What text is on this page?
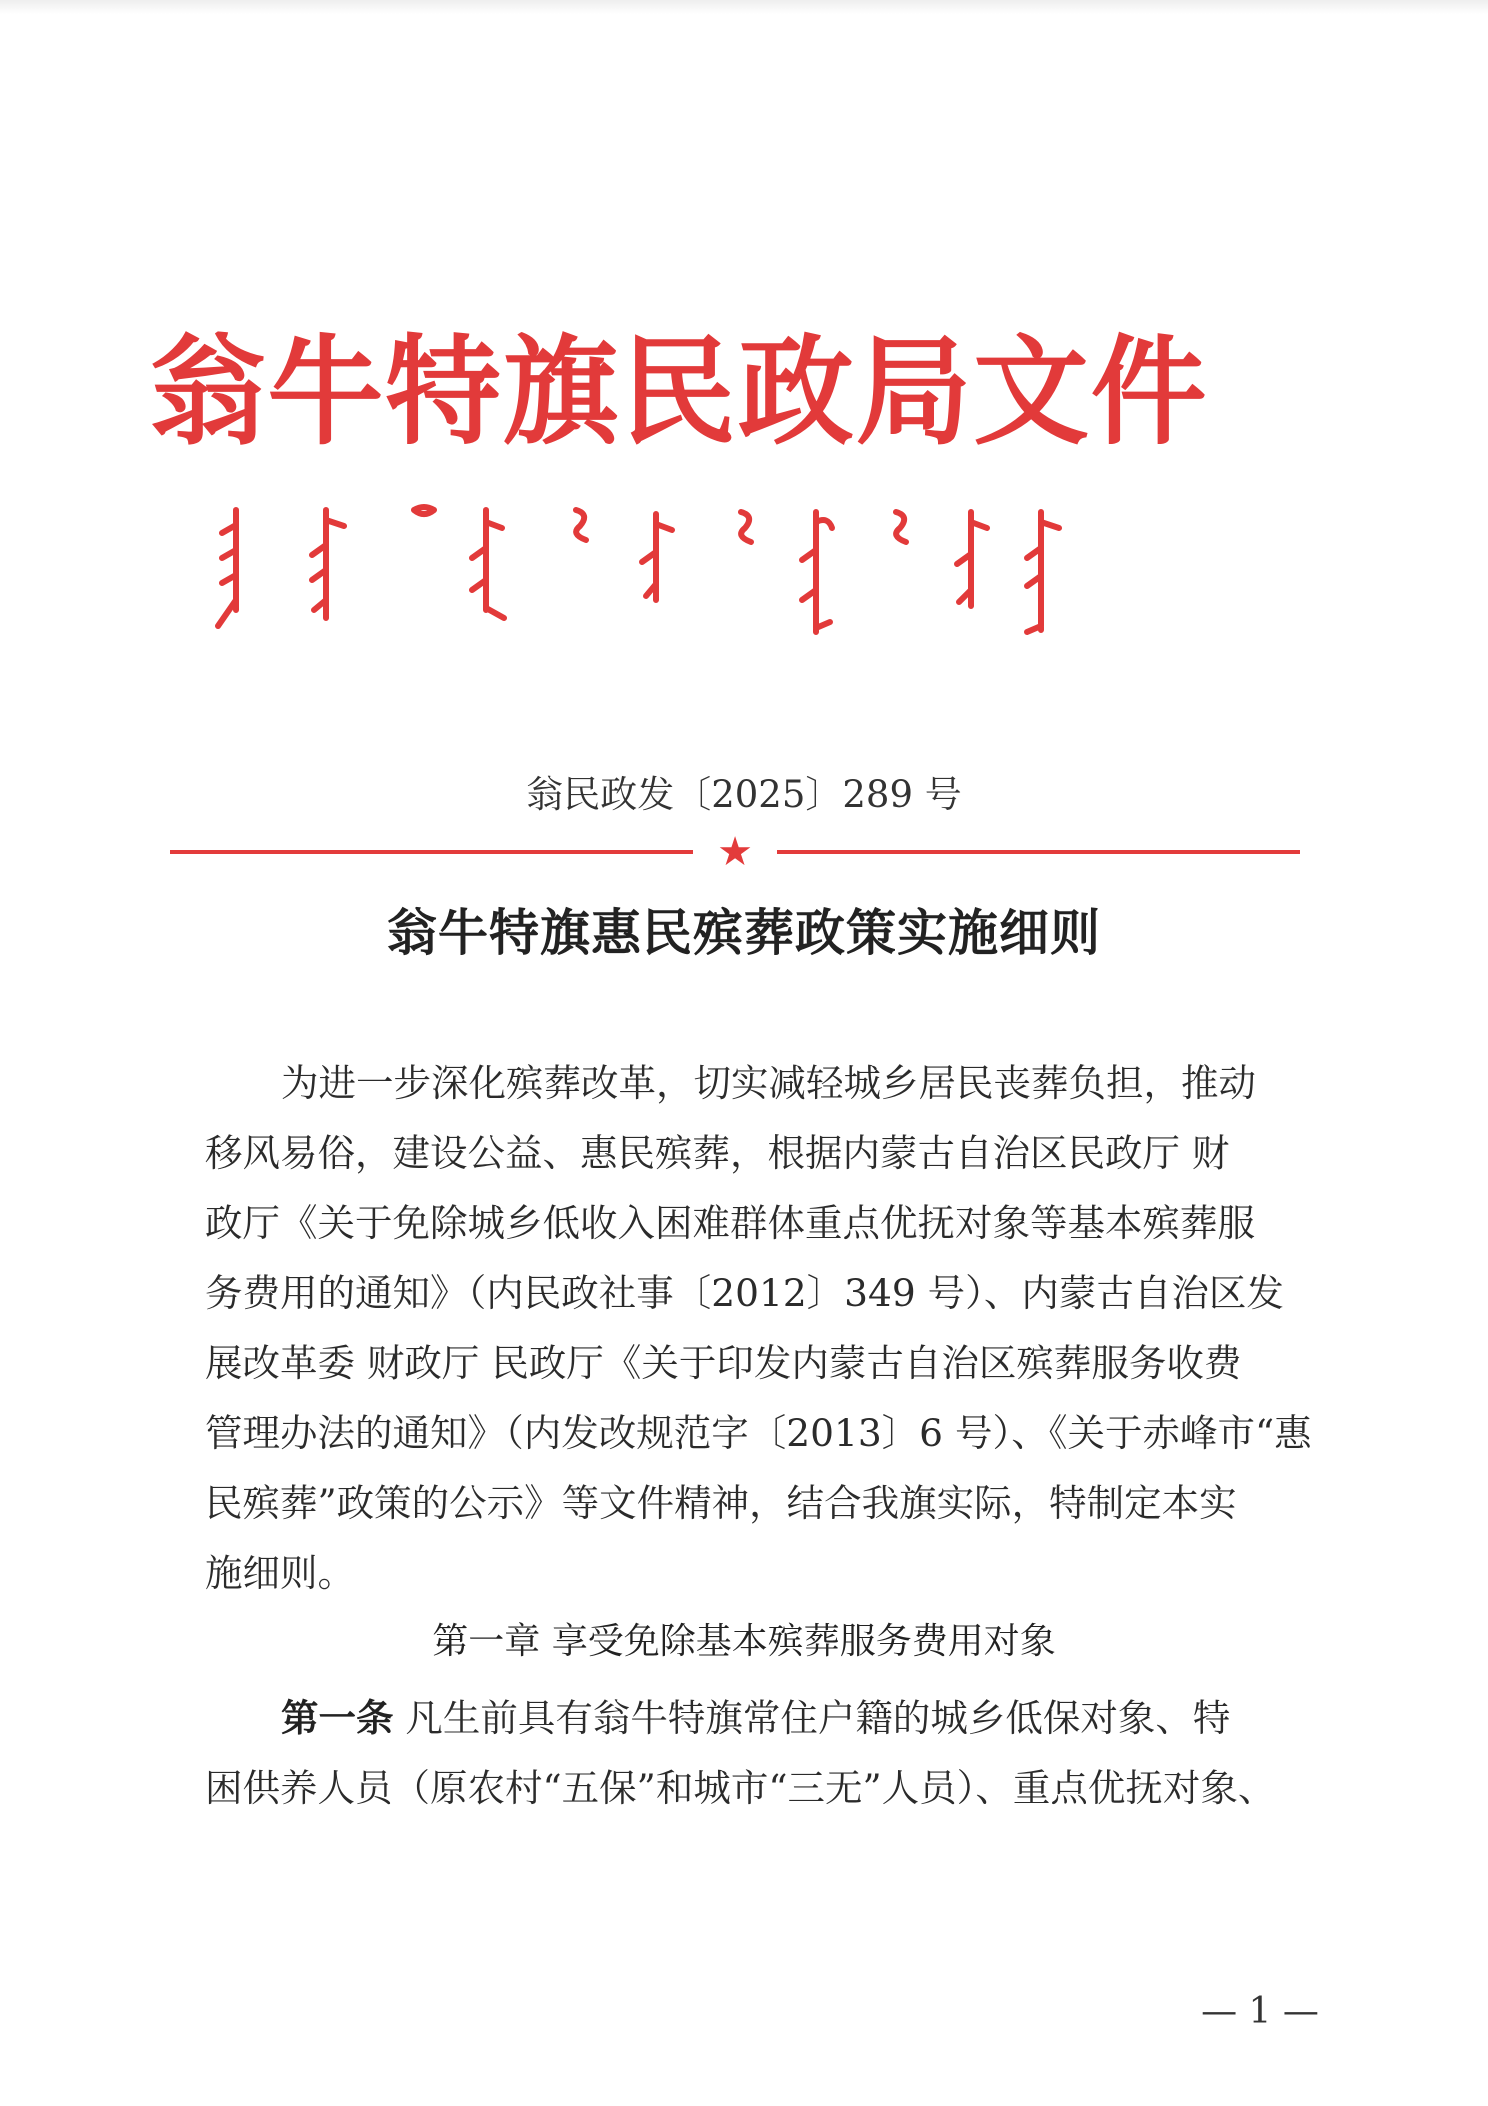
翁牛特旗民政局文件
翁民政发〔2025〕289 号
★
翁牛特旗惠民殡葬政策实施细则
为进一步深化殡葬改革，切实减轻城乡居民丧葬负担，推动
移风易俗，建设公益、惠民殡葬，根据内蒙古自治区民政厅 财
政厅《关于免除城乡低收入困难群体重点优抚对象等基本殡葬服
务费用的通知》（内民政社事〔2012〕349 号）、内蒙古自治区发
展改革委 财政厅 民政厅《关于印发内蒙古自治区殡葬服务收费
管理办法的通知》（内发改规范字〔2013〕6 号）、《关于赤峰市“惠
民殡葬”政策的公示》等文件精神，结合我旗实际，特制定本实
施细则。
第一章 享受免除基本殡葬服务费用对象
第一条 凡生前具有翁牛特旗常住户籍的城乡低保对象、特
困供养人员（原农村“五保”和城市“三无”人员）、重点优抚对象、
— 1 —
